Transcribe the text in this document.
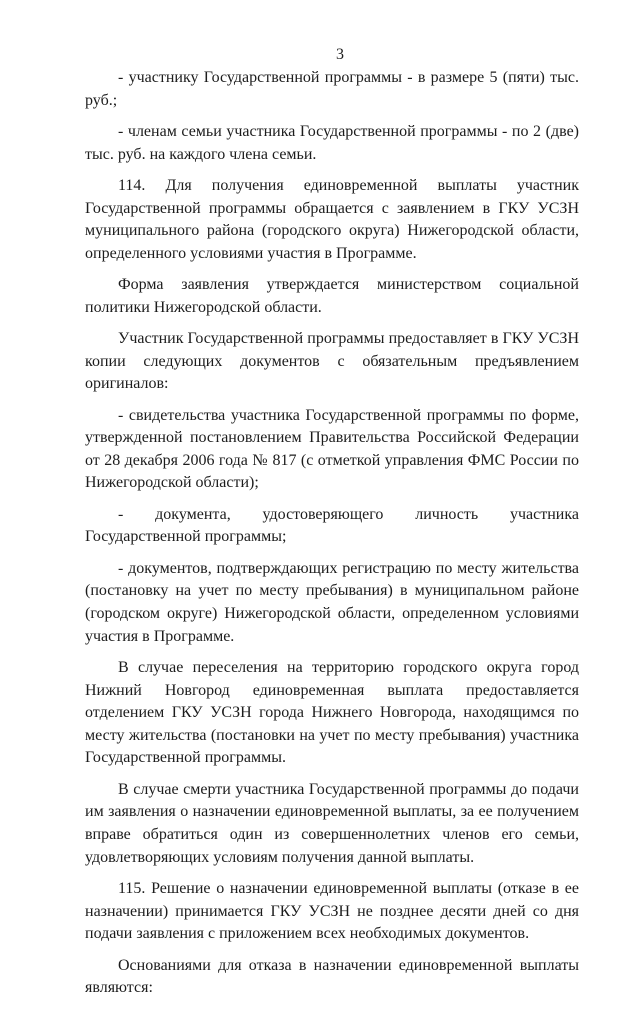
3

- участнику Государственной программы - в размере 5 (пяти) тыс. руб.;

- членам семьи участника Государственной программы - по 2 (две) тыс. руб. на каждого члена семьи.

114. Для получения единовременной выплаты участник Государственной программы обращается с заявлением в ГКУ УСЗН муниципального района (городского округа) Нижегородской области, определенного условиями участия в Программе.

Форма заявления утверждается министерством социальной политики Нижегородской области.

Участник Государственной программы предоставляет в ГКУ УСЗН копии следующих документов с обязательным предъявлением оригиналов:

- свидетельства участника Государственной программы по форме, утвержденной постановлением Правительства Российской Федерации от 28 декабря 2006 года № 817 (с отметкой управления ФМС России по Нижегородской области);

- документа, удостоверяющего личность участника Государственной программы;

- документов, подтверждающих регистрацию по месту жительства (постановку на учет по месту пребывания) в муниципальном районе (городском округе) Нижегородской области, определенном условиями участия в Программе.

В случае переселения на территорию городского округа город Нижний Новгород единовременная выплата предоставляется отделением ГКУ УСЗН города Нижнего Новгорода, находящимся по месту жительства (постановки на учет по месту пребывания) участника Государственной программы.

В случае смерти участника Государственной программы до подачи им заявления о назначении единовременной выплаты, за ее получением вправе обратиться один из совершеннолетних членов его семьи, удовлетворяющих условиям получения данной выплаты.

115. Решение о назначении единовременной выплаты (отказе в ее назначении) принимается ГКУ УСЗН не позднее десяти дней со дня подачи заявления с приложением всех необходимых документов.

Основаниями для отказа в назначении единовременной выплаты являются:
